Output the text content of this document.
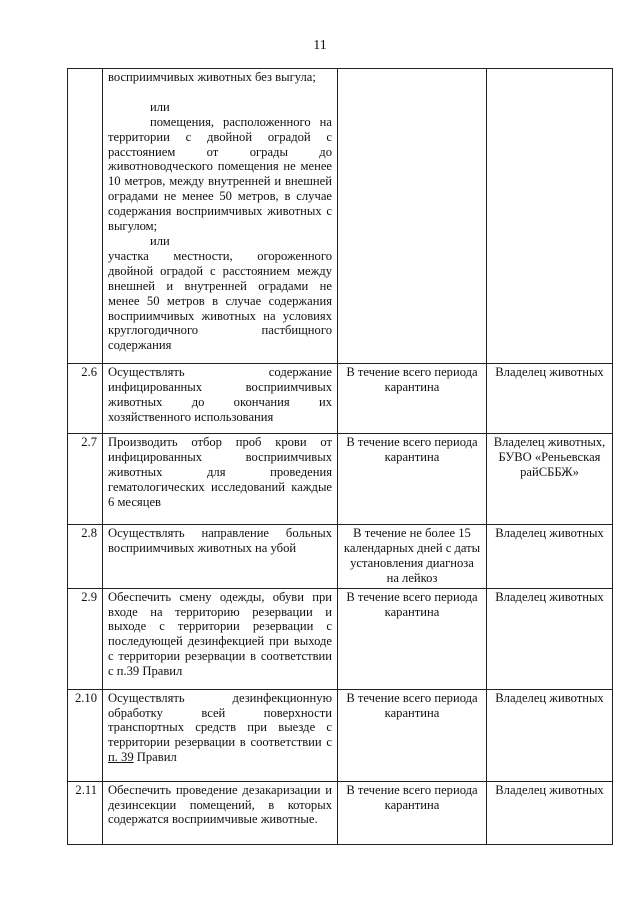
11

	восприимчивых животных без выгула;

или
помещения, расположенного на территории с двойной оградой с расстоянием от ограды до животноводческого помещения не менее 10 метров, между внутренней и внешней оградами не менее 50 метров, в случае содержания восприимчивых животных с выгулом;
или
участка местности, огороженного двойной оградой с расстоянием между внешней и внутренней оградами не менее 50 метров в случае содержания восприимчивых животных на условиях круглогодичного пастбищного содержания		

2.6	Осуществлять содержание инфицированных восприимчивых животных до окончания их хозяйственного использования	В течение всего периода карантина	Владелец животных
2.7	Производить отбор проб крови от инфицированных восприимчивых животных для проведения гематологических исследований каждые 6 месяцев	В течение всего периода карантина	Владелец животных, БУВО «Реньевская райСББЖ»
2.8	Осуществлять направление больных восприимчивых животных на убой	В течение не более 15 календарных дней с даты установления диагноза на лейкоз	Владелец животных
2.9	Обеспечить смену одежды, обуви при входе на территорию резервации и выходе с территории резервации с последующей дезинфекцией при выходе с территории резервации в соответствии с п.39 Правил	В течение всего периода карантина	Владелец животных
2.10	Осуществлять дезинфекционную обработку всей поверхности транспортных средств при выезде с территории резервации в соответствии с п. 39 Правил	В течение всего периода карантина	Владелец животных
2.11	Обеспечить проведение дезакаризации и дезинсекции помещений, в которых содержатся восприимчивые животные.	В течение всего периода карантина	Владелец животных
